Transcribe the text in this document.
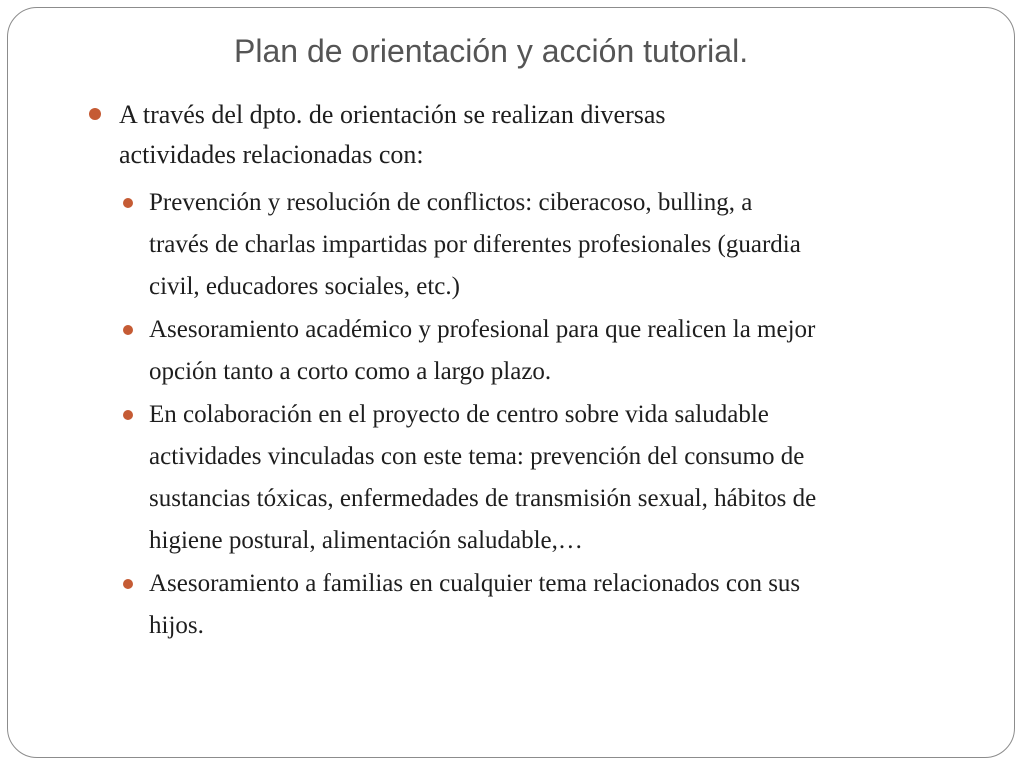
Plan de orientación y acción tutorial.
A través del dpto. de orientación se realizan diversas
actividades relacionadas con:
Prevención y resolución de conflictos: ciberacoso, bulling, a
través de charlas impartidas por diferentes profesionales (guardia
civil, educadores sociales, etc.)
Asesoramiento académico y profesional para que realicen la mejor
opción tanto a corto como a largo plazo.
En colaboración en el proyecto de centro sobre vida saludable
actividades vinculadas con este tema: prevención del consumo de
sustancias tóxicas, enfermedades de transmisión sexual, hábitos de
higiene postural, alimentación saludable,…
Asesoramiento a familias en cualquier tema relacionados con sus
hijos.
